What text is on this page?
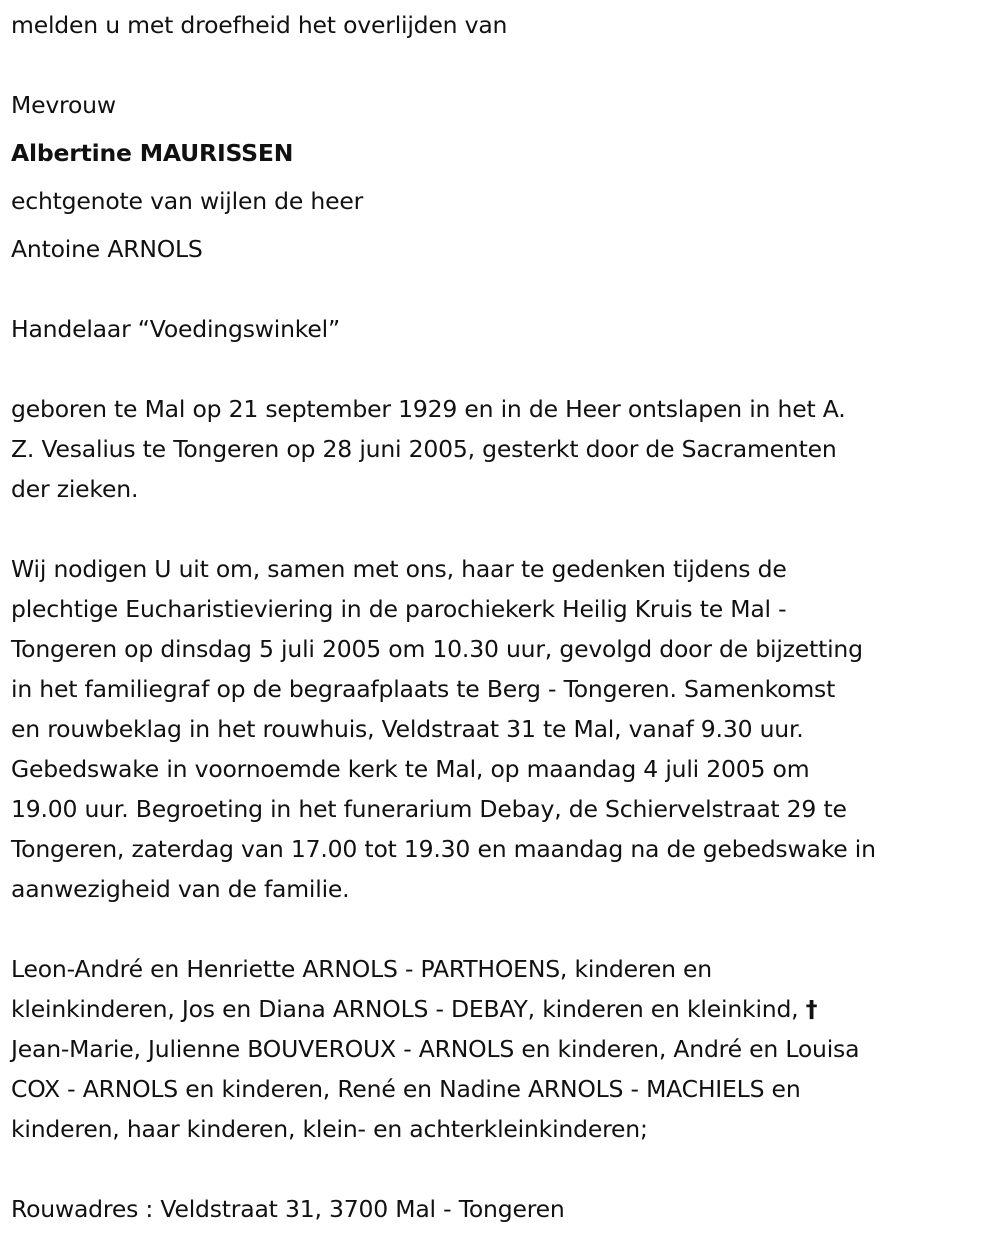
melden u met droefheid het overlijden van
Mevrouw
Albertine MAURISSEN
echtgenote van wijlen de heer
Antoine ARNOLS
Handelaar “Voedingswinkel”
geboren te Mal op 21 september 1929 en in de Heer ontslapen in het A.
Z. Vesalius te Tongeren op 28 juni 2005, gesterkt door de Sacramenten
der zieken.
Wij nodigen U uit om, samen met ons, haar te gedenken tijdens de
plechtige Eucharistieviering in de parochiekerk Heilig Kruis te Mal -
Tongeren op dinsdag 5 juli 2005 om 10.30 uur, gevolgd door de bijzetting
in het familiegraf op de begraafplaats te Berg - Tongeren. Samenkomst
en rouwbeklag in het rouwhuis, Veldstraat 31 te Mal, vanaf 9.30 uur.
Gebedswake in voornoemde kerk te Mal, op maandag 4 juli 2005 om
19.00 uur. Begroeting in het funerarium Debay, de Schiervelstraat 29 te
Tongeren, zaterdag van 17.00 tot 19.30 en maandag na de gebedswake in
aanwezigheid van de familie.
Leon-André en Henriette ARNOLS - PARTHOENS, kinderen en
kleinkinderen, Jos en Diana ARNOLS - DEBAY, kinderen en kleinkind, †
Jean-Marie, Julienne BOUVEROUX - ARNOLS en kinderen, André en Louisa
COX - ARNOLS en kinderen, René en Nadine ARNOLS - MACHIELS en
kinderen, haar kinderen, klein- en achterkleinkinderen;
Rouwadres : Veldstraat 31, 3700 Mal - Tongeren
